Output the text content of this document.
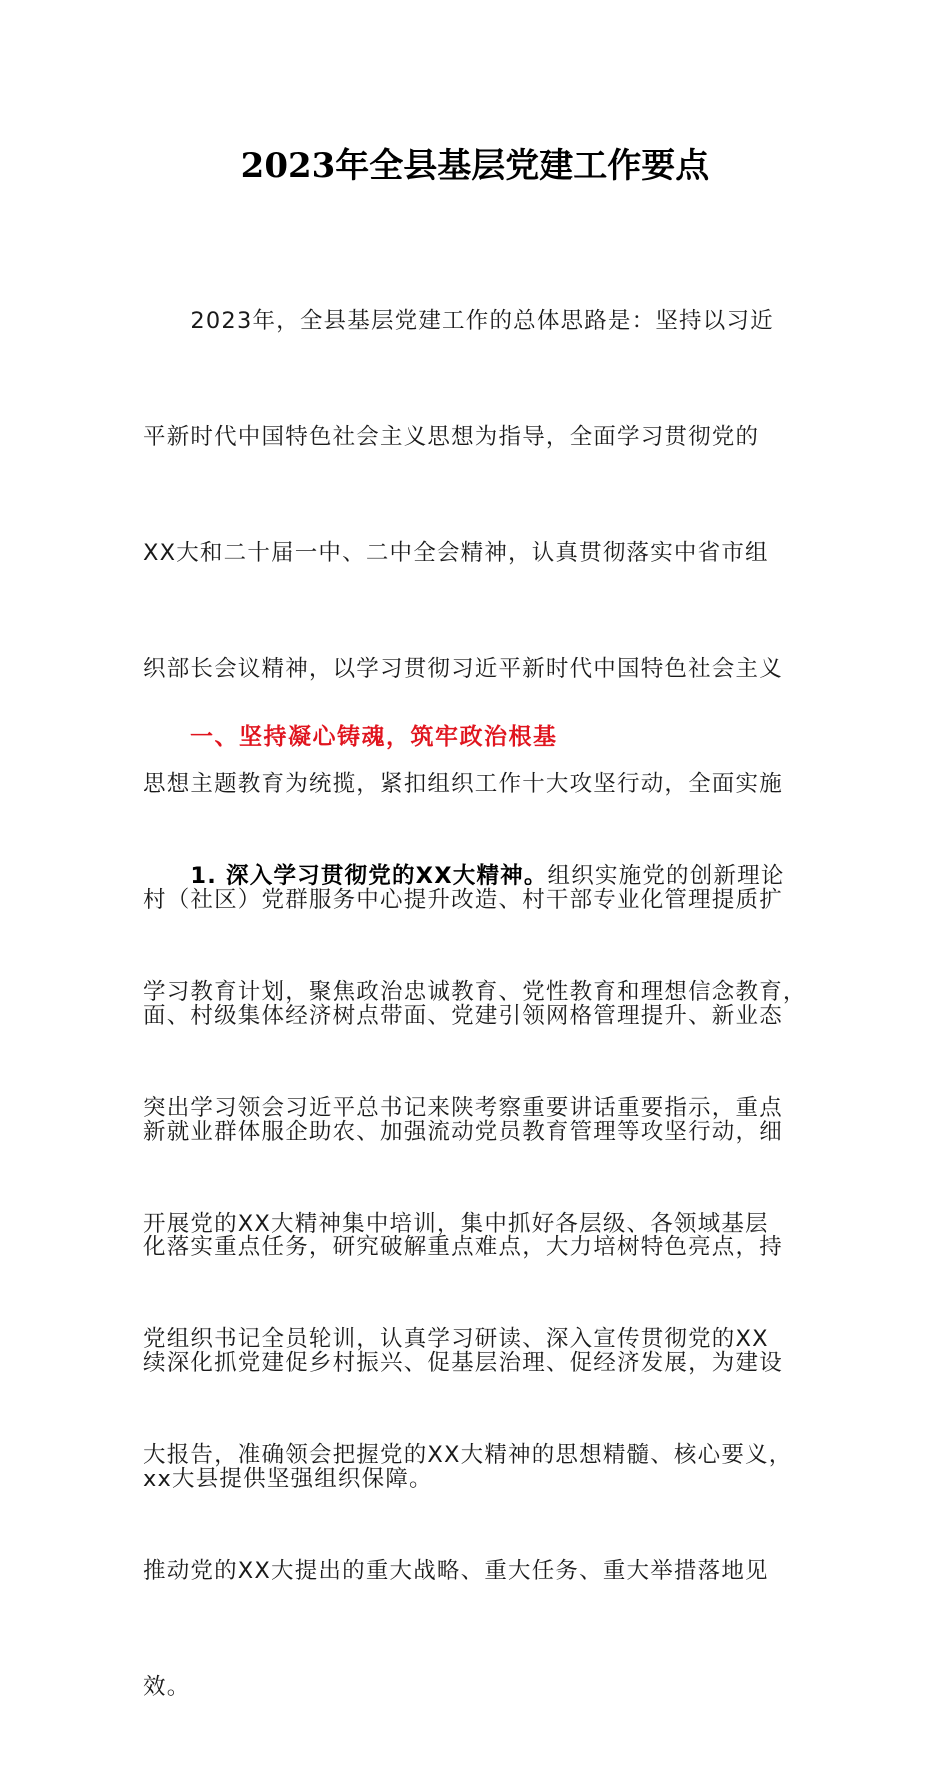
2023年全县基层党建工作要点

　　2023年，全县基层党建工作的总体思路是：坚持以习近

平新时代中国特色社会主义思想为指导，全面学习贯彻党的

XX大和二十届一中、二中全会精神，认真贯彻落实中省市组

织部长会议精神，以学习贯彻习近平新时代中国特色社会主义

思想主题教育为统揽，紧扣组织工作十大攻坚行动，全面实施

村（社区）党群服务中心提升改造、村干部专业化管理提质扩

面、村级集体经济树点带面、党建引领网格管理提升、新业态

新就业群体服企助农、加强流动党员教育管理等攻坚行动，细

化落实重点任务，研究破解重点难点，大力培树特色亮点，持

续深化抓党建促乡村振兴、促基层治理、促经济发展，为建设

xx大县提供坚强组织保障。

一、坚持凝心铸魂，筑牢政治根基

　　1. 深入学习贯彻党的XX大精神。组织实施党的创新理论

学习教育计划，聚焦政治忠诚教育、党性教育和理想信念教育，

突出学习领会习近平总书记来陕考察重要讲话重要指示，重点

开展党的XX大精神集中培训，集中抓好各层级、各领域基层

党组织书记全员轮训，认真学习研读、深入宣传贯彻党的XX

大报告，准确领会把握党的XX大精神的思想精髓、核心要义，

推动党的XX大提出的重大战略、重大任务、重大举措落地见

效。
